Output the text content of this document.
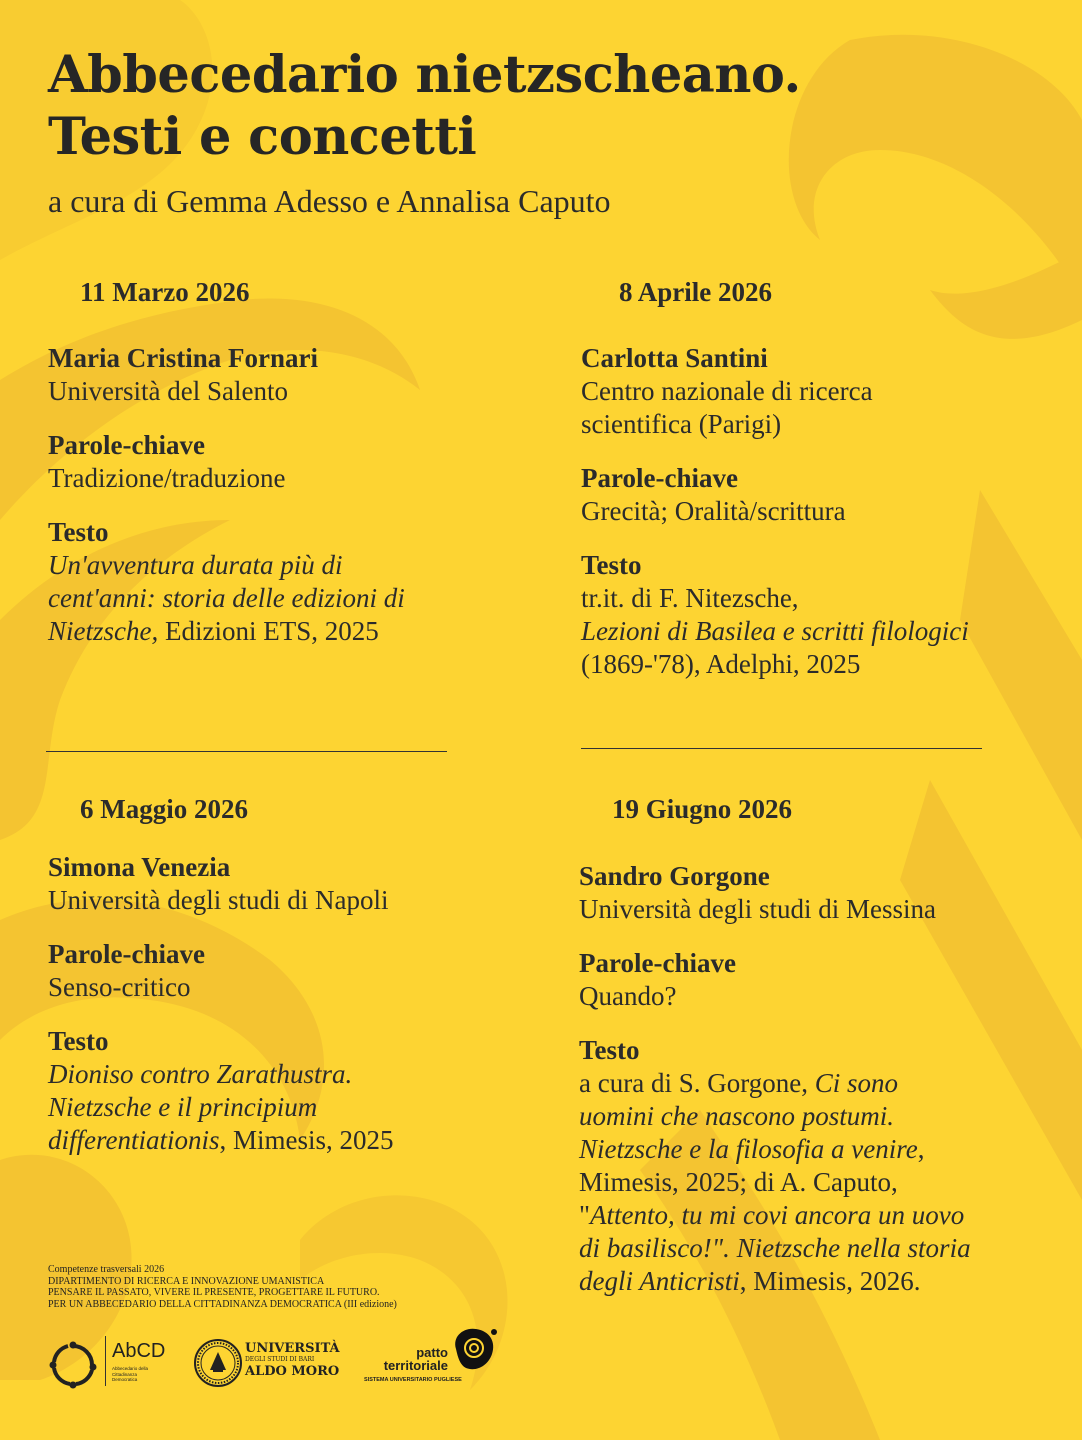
Abbecedario nietzscheano.
Testi e concetti
a cura di Gemma Adesso e Annalisa Caputo
11 Marzo 2026
Maria Cristina Fornari
Università del Salento
Parole-chiave
Tradizione/traduzione
Testo
Un'avventura durata più di
cent'anni: storia delle edizioni di
Nietzsche, Edizioni ETS, 2025
8 Aprile 2026
Carlotta Santini
Centro nazionale di ricerca
scientifica (Parigi)
Parole-chiave
Grecità; Oralità/scrittura
Testo
tr.it. di F. Nitezsche,
Lezioni di Basilea e scritti filologici
(1869-'78), Adelphi, 2025
6 Maggio 2026
Simona Venezia
Università degli studi di Napoli
Parole-chiave
Senso-critico
Testo
Dioniso contro Zarathustra.
Nietzsche e il principium
differentiationis, Mimesis, 2025
19 Giugno 2026
Sandro Gorgone
Università degli studi di Messina
Parole-chiave
Quando?
Testo
a cura di S. Gorgone, Ci sono
uomini che nascono postumi.
Nietzsche e la filosofia a venire,
Mimesis, 2025; di A. Caputo,
"Attento, tu mi covi ancora un uovo
di basilisco!". Nietzsche nella storia
degli Anticristi, Mimesis, 2026.
Competenze trasversali 2026
DIPARTIMENTO DI RICERCA E INNOVAZIONE UMANISTICA
PENSARE IL PASSATO, VIVERE IL PRESENTE, PROGETTARE IL FUTURO.
PER UN ABBECEDARIO DELLA CITTADINANZA DEMOCRATICA (III edizione)
AbCD
Abbecedario della
Cittadinanza
Democratica
UNIVERSITÀ
DEGLI STUDI DI BARI
ALDO MORO
patto
territoriale
SISTEMA UNIVERSITARIO PUGLIESE
